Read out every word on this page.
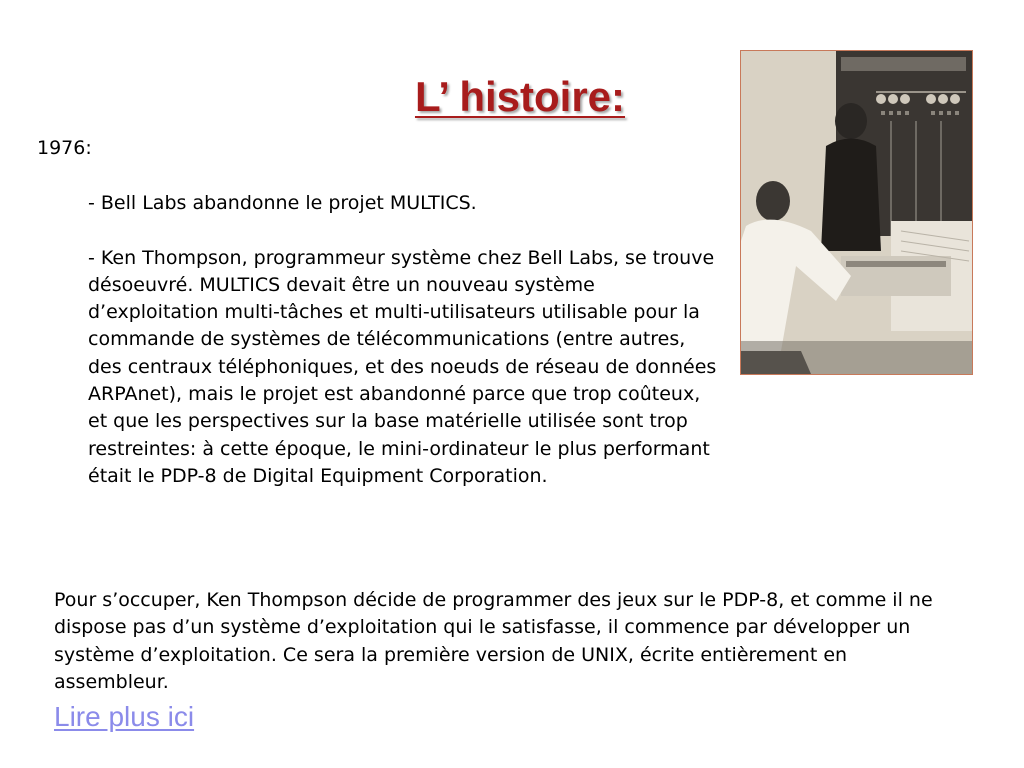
L’ histoire:

1976:

- Bell Labs abandonne le projet MULTICS.

- Ken Thompson, programmeur système chez Bell Labs, se trouve désoeuvré. MULTICS devait être un nouveau système d’exploitation multi-tâches et multi-utilisateurs utilisable pour la commande de systèmes de télécommunications (entre autres, des centraux téléphoniques, et des noeuds de réseau de données ARPAnet), mais le projet est abandonné parce que trop coûteux, et que les perspectives sur la base matérielle utilisée sont trop restreintes: à cette époque, le mini-ordinateur le plus performant était le PDP-8 de Digital Equipment Corporation.

Pour s’occuper, Ken Thompson décide de programmer des jeux sur le PDP-8, et comme il ne dispose pas d’un système d’exploitation qui le satisfasse, il commence par développer un système d’exploitation. Ce sera la première version de UNIX, écrite entièrement en assembleur.

Lire plus ici
